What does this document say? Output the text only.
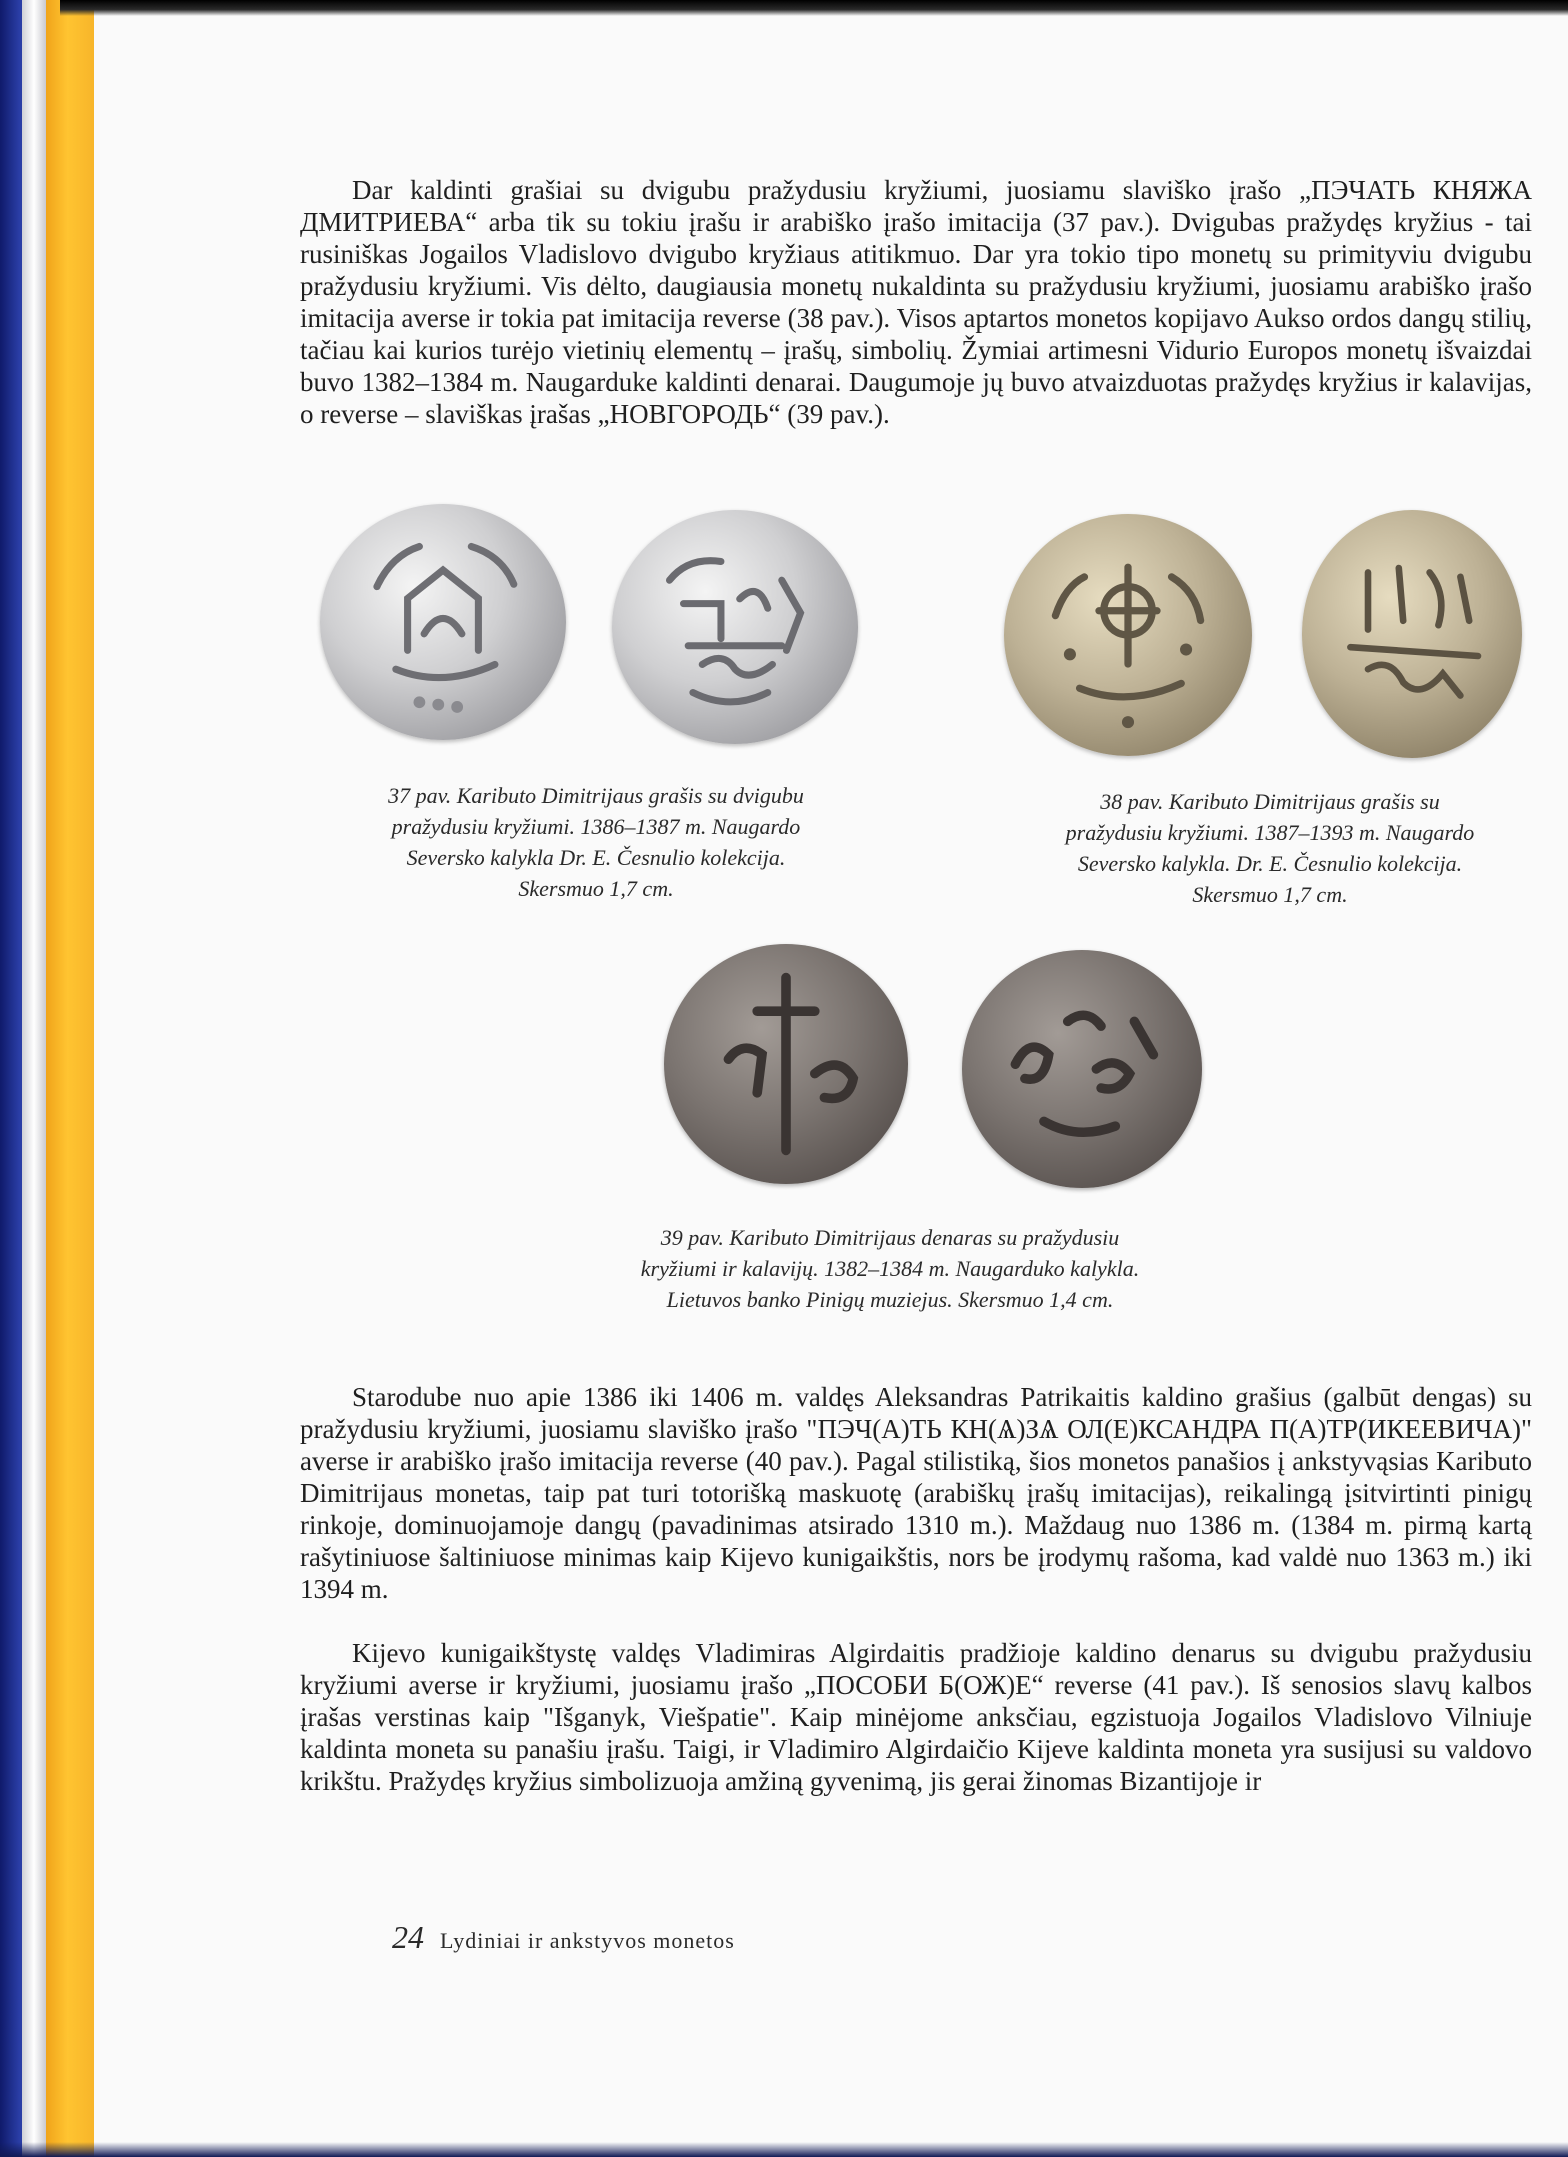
Dar kaldinti grašiai su dvigubu pražydusiu kryžiumi, juosiamu slaviško įrašo „ПЭЧАТЬ КНЯЖА ДМИТРИЕВА“ arba tik su tokiu įrašu ir arabiško įrašo imitacija (37 pav.). Dvigubas pražydęs kryžius - tai rusiniškas Jogailos Vladislovo dvigubo kryžiaus atitikmuo. Dar yra tokio tipo monetų su primityviu dvigubu pražydusiu kryžiumi. Vis dėlto, daugiausia monetų nukaldinta su pražydusiu kryžiumi, juosiamu arabiško įrašo imitacija averse ir tokia pat imitacija reverse (38 pav.). Visos aptartos monetos kopijavo Aukso ordos dangų stilių, tačiau kai kurios turėjo vietinių elementų – įrašų, simbolių. Žymiai artimesni Vidurio Europos monetų išvaizdai buvo 1382–1384 m. Naugarduke kaldinti denarai. Daugumoje jų buvo atvaizduotas pražydęs kryžius ir kalavijas, o reverse – slaviškas įrašas „НОВГОРОДЬ“ (39 pav.).

37 pav. Kaributo Dimitrijaus grašis su dvigubu
pražydusiu kryžiumi. 1386–1387 m. Naugardo
Seversko kalykla Dr. E. Česnulio kolekcija.
Skersmuo 1,7 cm.
38 pav. Kaributo Dimitrijaus grašis su
pražydusiu kryžiumi. 1387–1393 m. Naugardo
Seversko kalykla. Dr. E. Česnulio kolekcija.
Skersmuo 1,7 cm.
39 pav. Kaributo Dimitrijaus denaras su pražydusiu
kryžiumi ir kalavijų. 1382–1384 m. Naugarduko kalykla.
Lietuvos banko Pinigų muziejus. Skersmuo 1,4 cm.

Starodube nuo apie 1386 iki 1406 m. valdęs Aleksandras Patrikaitis kaldino grašius (galbūt dengas) su pražydusiu kryžiumi, juosiamu slaviško įrašo "ПЭЧ(А)ТЬ КН(Ѧ)ЗѦ ОЛ(Е)КСАНДРА П(А)ТР(ИКЕЕВИЧА)" averse ir arabiško įrašo imitacija reverse (40 pav.). Pagal stilistiką, šios monetos panašios į ankstyvąsias Kaributo Dimitrijaus monetas, taip pat turi totorišką maskuotę (arabiškų įrašų imitacijas), reikalingą įsitvirtinti pinigų rinkoje, dominuojamoje dangų (pavadinimas atsirado 1310 m.). Maždaug nuo 1386 m. (1384 m. pirmą kartą rašytiniuose šaltiniuose minimas kaip Kijevo kunigaikštis, nors be įrodymų rašoma, kad valdė nuo 1363 m.) iki 1394 m.

Kijevo kunigaikštystę valdęs Vladimiras Algirdaitis pradžioje kaldino denarus su dvigubu pražydusiu kryžiumi averse ir kryžiumi, juosiamu įrašo „ПОСОБИ Б(ОЖ)Е“ reverse (41 pav.). Iš senosios slavų kalbos įrašas verstinas kaip "Išganyk, Viešpatie". Kaip minėjome anksčiau, egzistuoja Jogailos Vladislovo Vilniuje kaldinta moneta su panašiu įrašu. Taigi, ir Vladimiro Algirdaičio Kijeve kaldinta moneta yra susijusi su valdovo krikštu. Pražydęs kryžius simbolizuoja amžiną gyvenimą, jis gerai žinomas Bizantijoje ir

24 Lydiniai ir ankstyvos monetos
